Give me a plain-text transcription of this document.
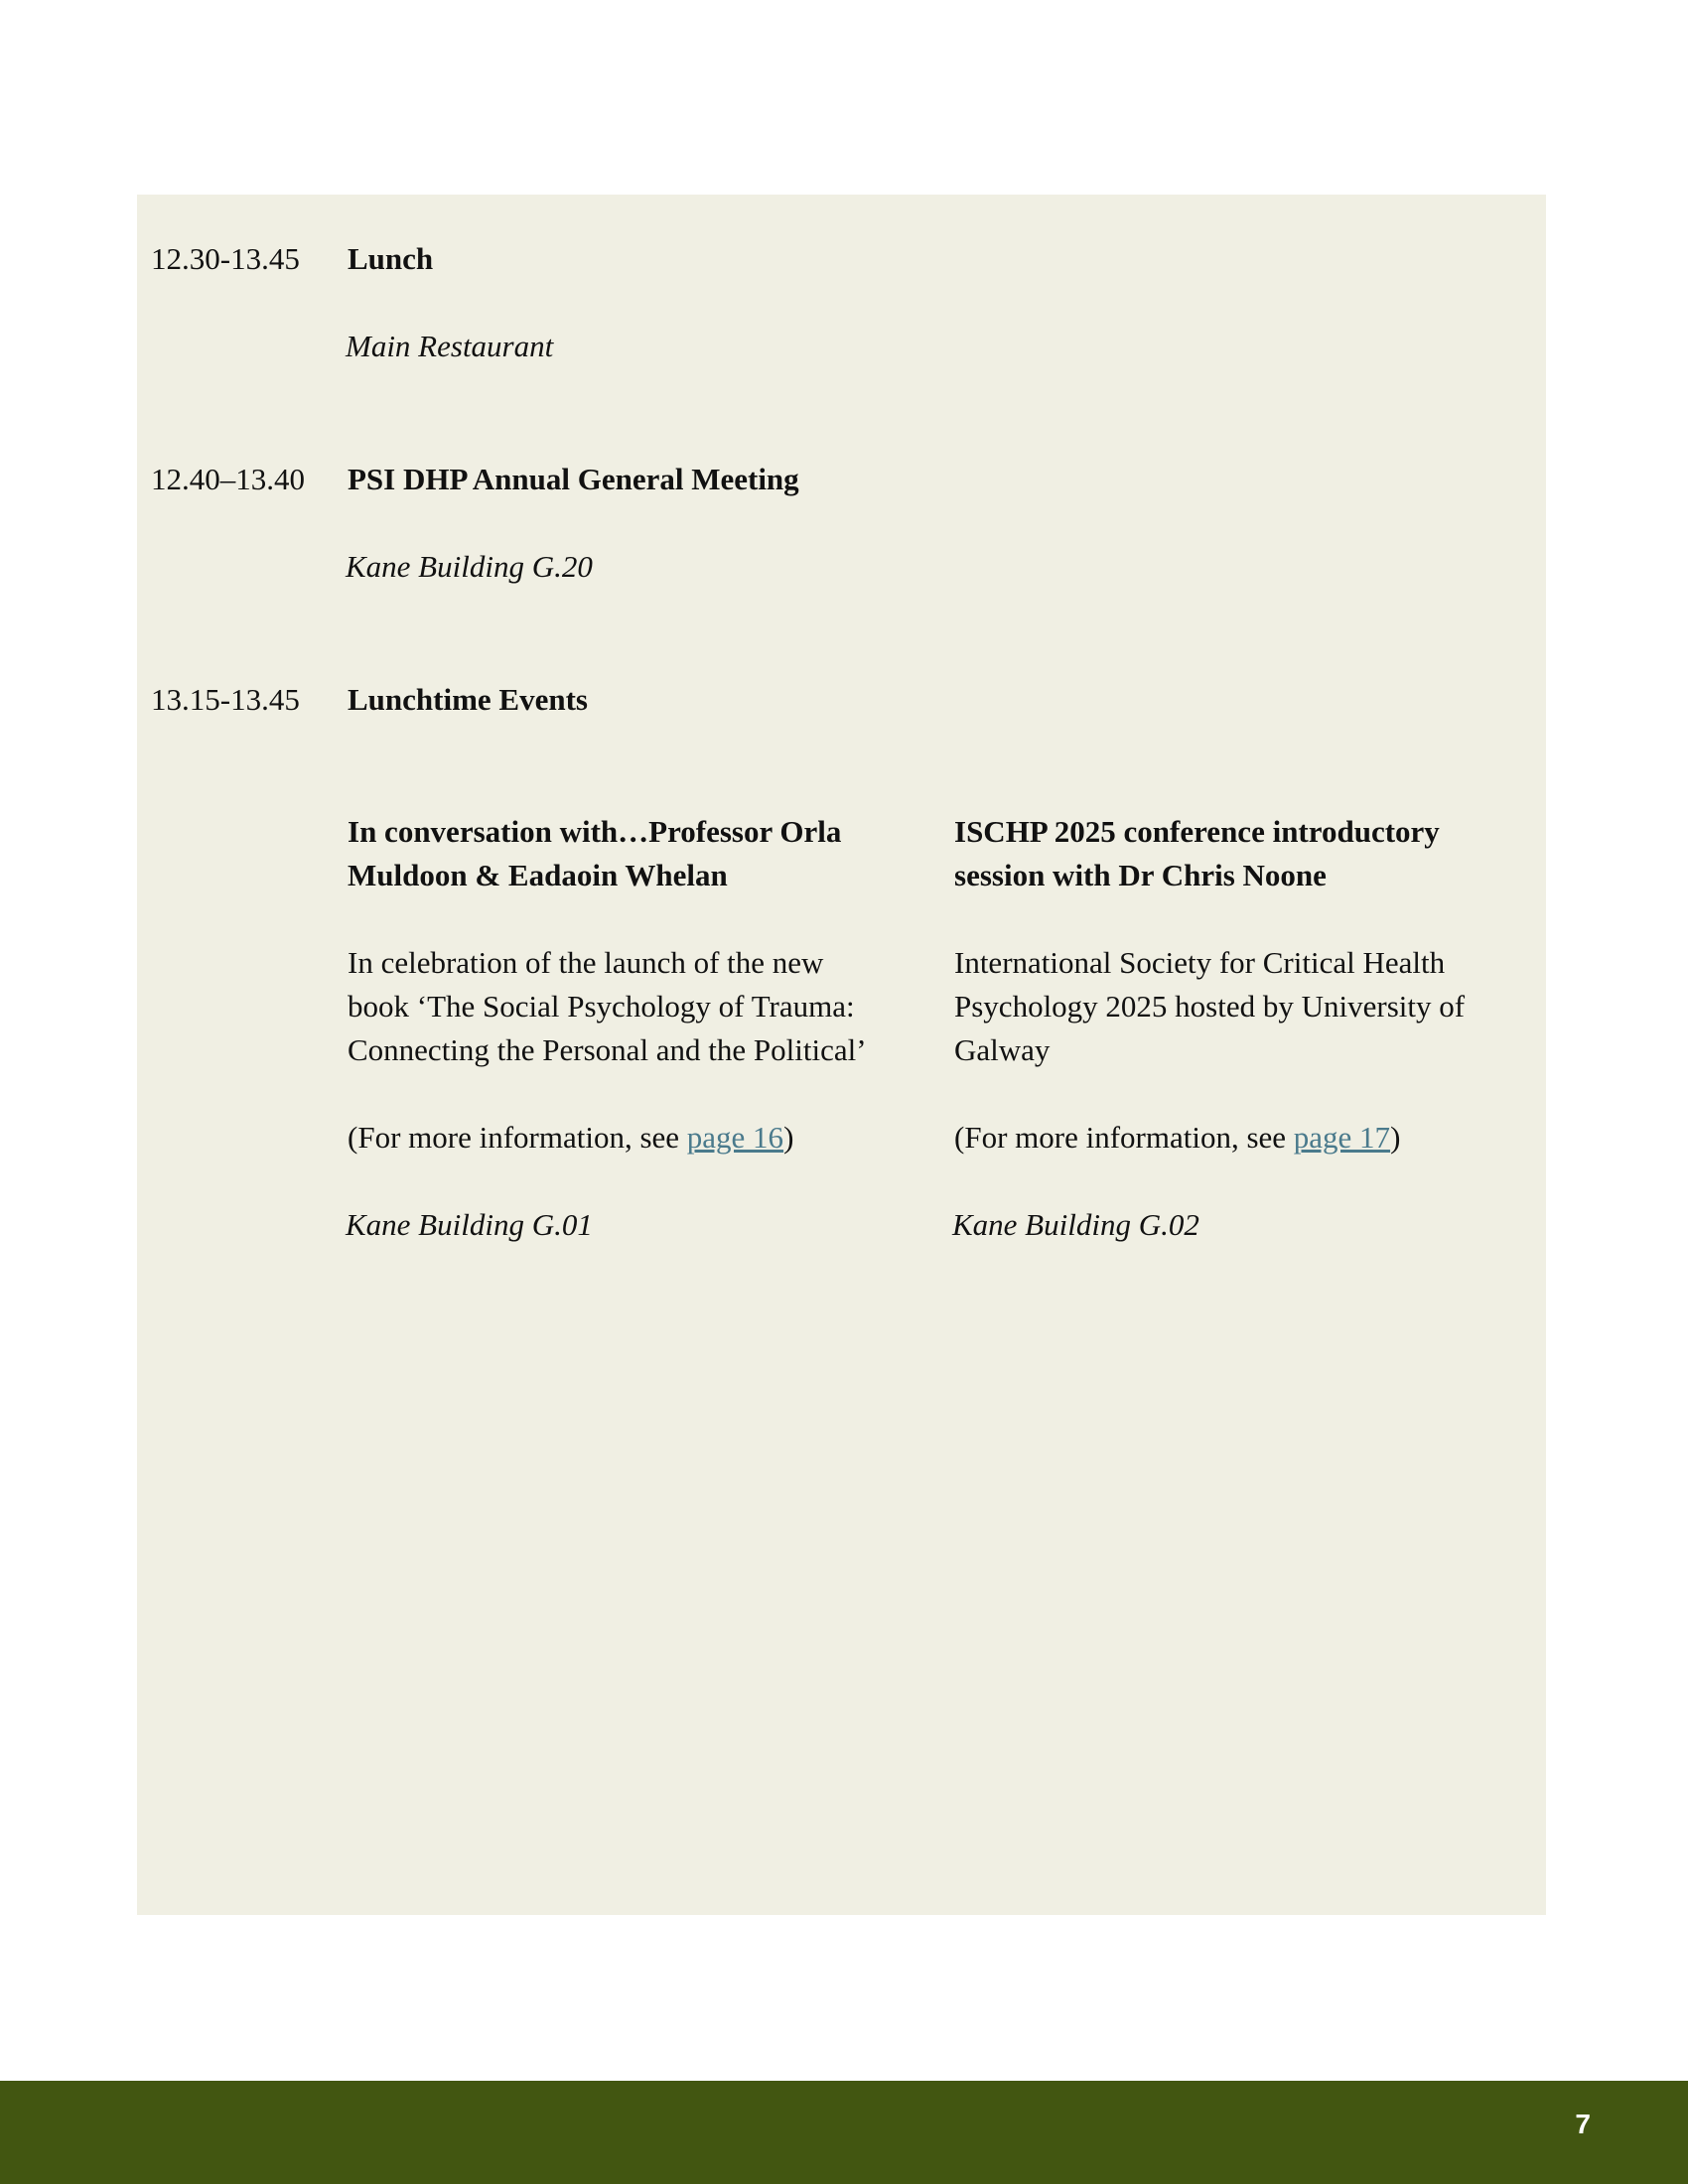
12.30-13.45 Lunch
Main Restaurant
12.40–13.40 PSI DHP Annual General Meeting
Kane Building G.20
13.15-13.45 Lunchtime Events

In conversation with…Professor Orla
Muldoon & Eadaoin Whelan

In celebration of the launch of the new
book ‘The Social Psychology of Trauma:
Connecting the Personal and the Political’

(For more information, see page 16)

Kane Building G.01

ISCHP 2025 conference introductory
session with Dr Chris Noone

International Society for Critical Health
Psychology 2025 hosted by University of
Galway

(For more information, see page 17)

Kane Building G.02

7
